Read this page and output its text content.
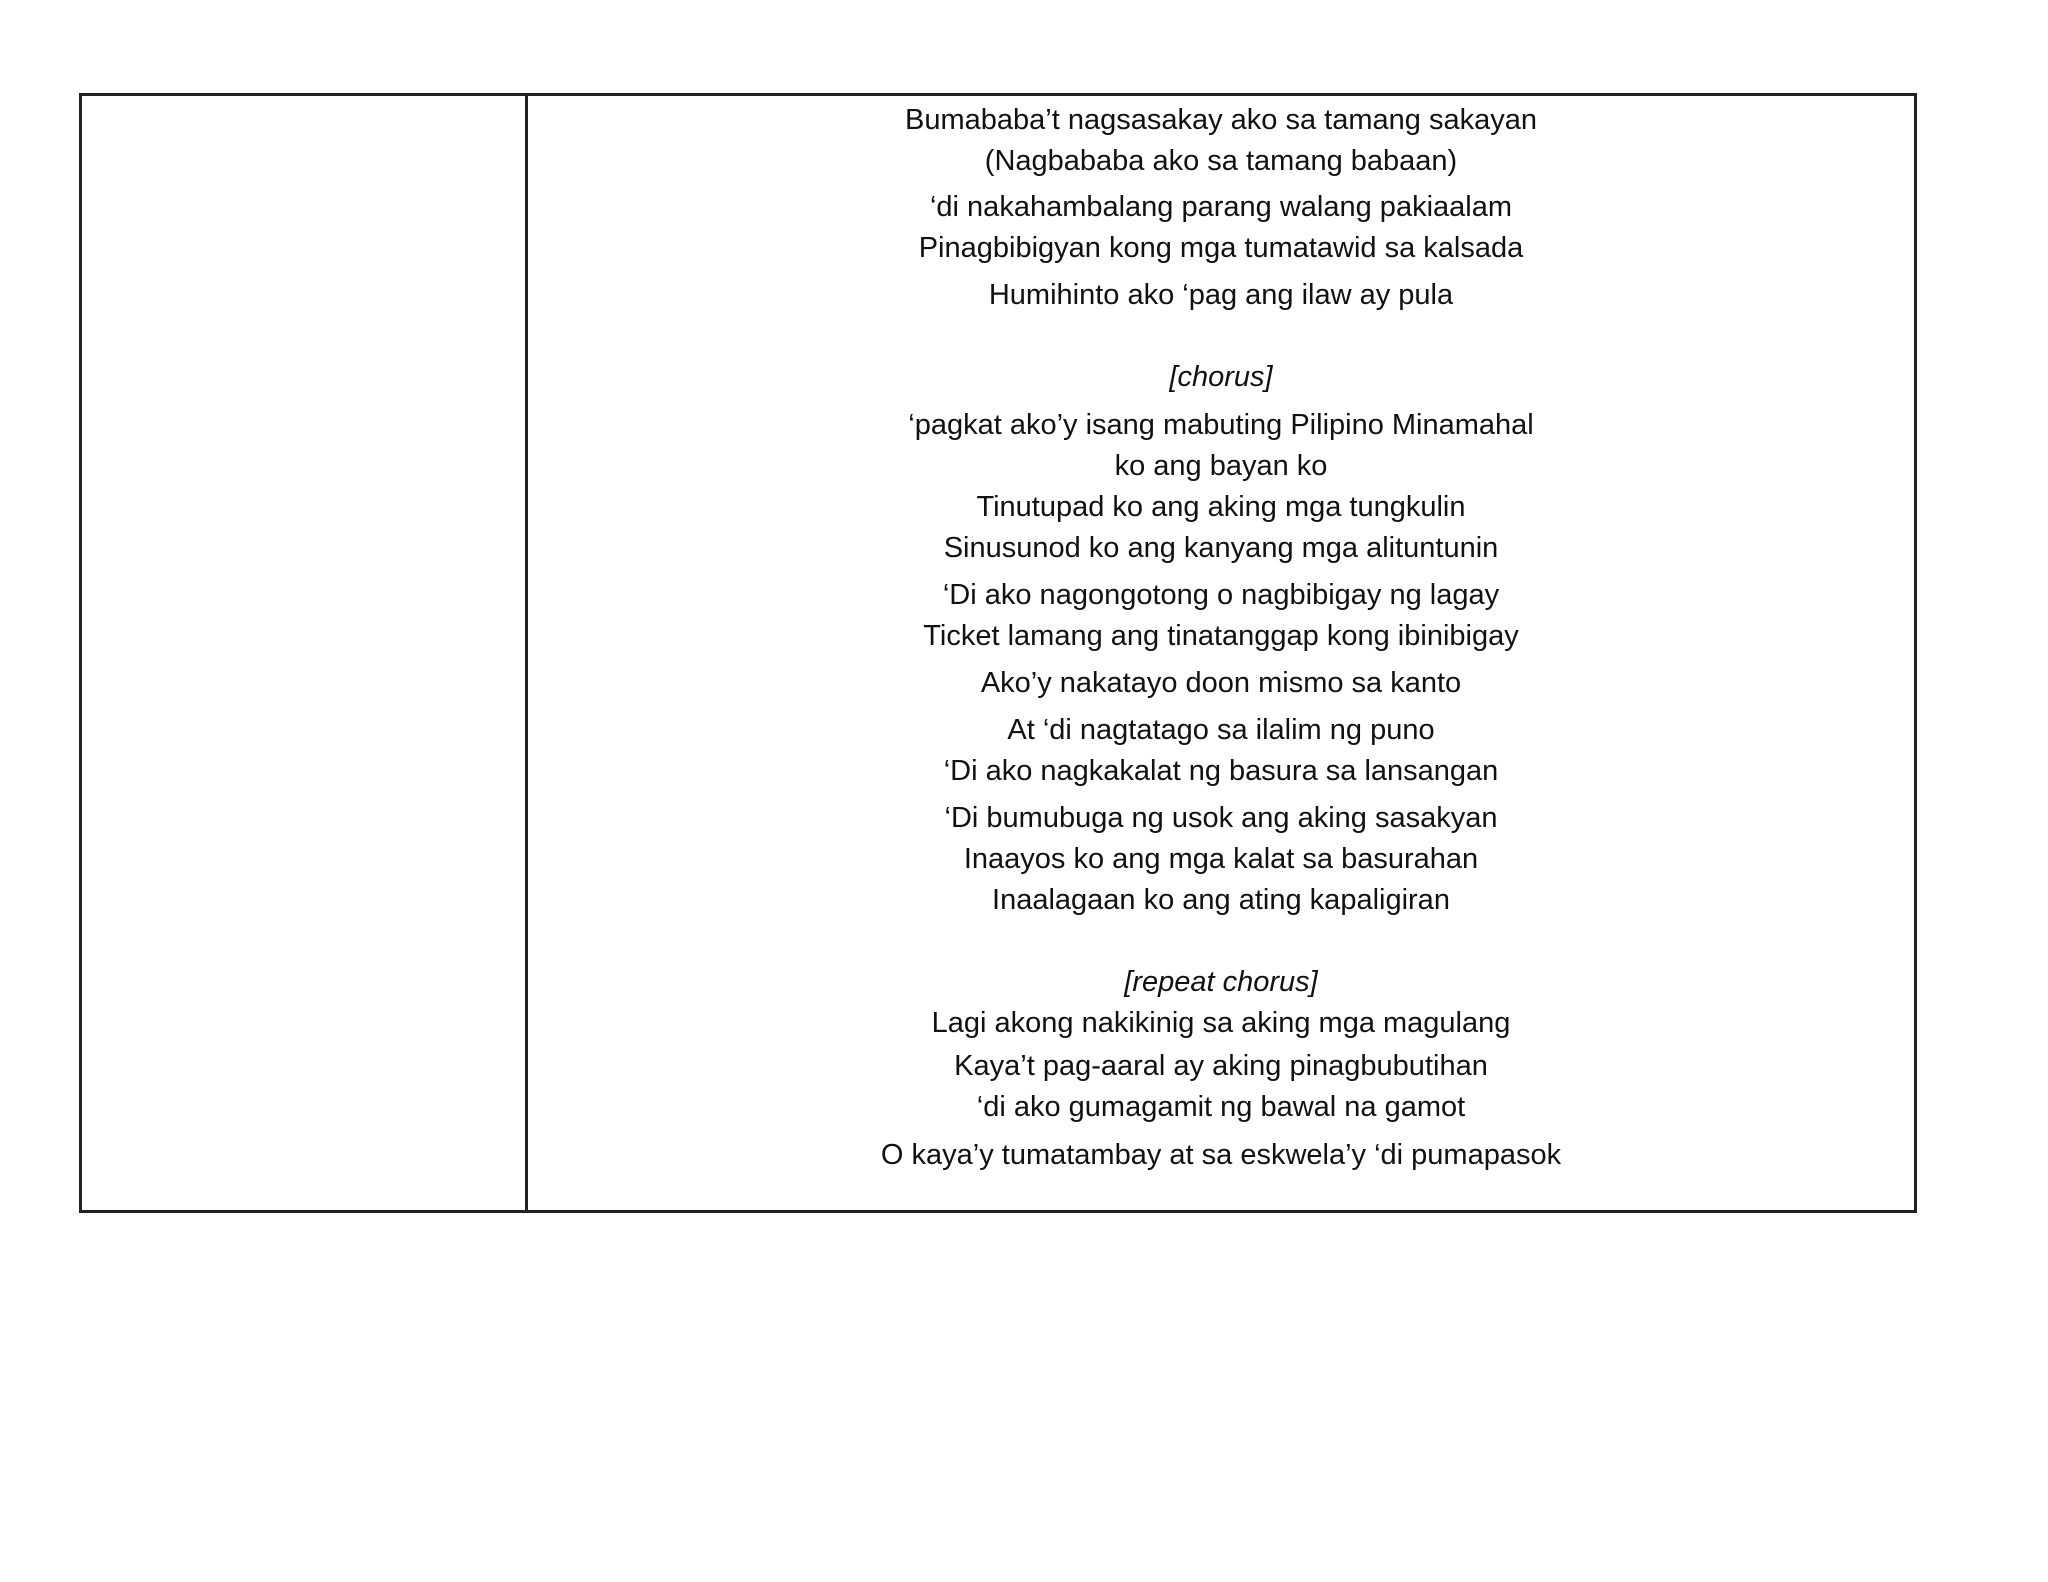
Bumababa’t nagsasakay ako sa tamang sakayan
(Nagbababa ako sa tamang babaan)
‘di nakahambalang parang walang pakiaalam
Pinagbibigyan kong mga tumatawid sa kalsada
Humihinto ako ‘pag ang ilaw ay pula
[chorus]
‘pagkat ako’y isang mabuting Pilipino Minamahal
ko ang bayan ko
Tinutupad ko ang aking mga tungkulin
Sinusunod ko ang kanyang mga alituntunin
‘Di ako nagongotong o nagbibigay ng lagay
Ticket lamang ang tinatanggap kong ibinibigay
Ako’y nakatayo doon mismo sa kanto
At ‘di nagtatago sa ilalim ng puno
‘Di ako nagkakalat ng basura sa lansangan
‘Di bumubuga ng usok ang aking sasakyan
Inaayos ko ang mga kalat sa basurahan
Inaalagaan ko ang ating kapaligiran
[repeat chorus]
Lagi akong nakikinig sa aking mga magulang
Kaya’t pag-aaral ay aking pinagbubutihan
‘di ako gumagamit ng bawal na gamot
O kaya’y tumatambay at sa eskwela’y ‘di pumapasok
